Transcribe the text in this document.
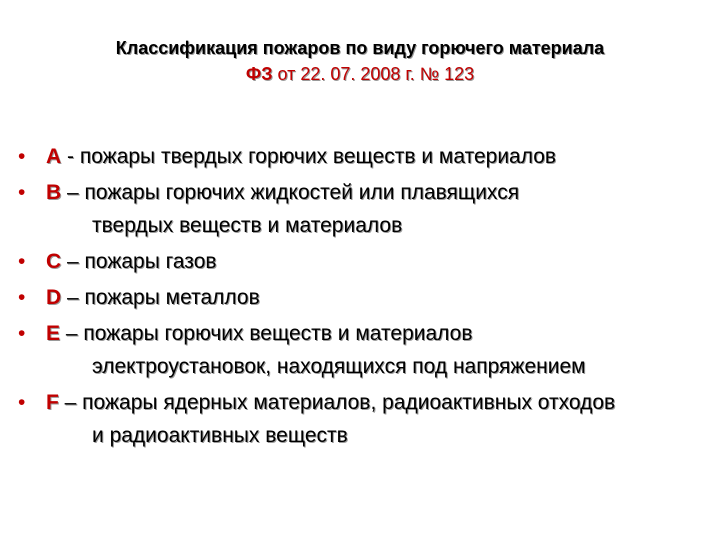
Классификация пожаров по виду горючего материала
ФЗ от 22. 07. 2008 г. № 123
• А - пожары твердых горючих веществ и материалов
• В – пожары горючих жидкостей или плавящихся
твердых веществ и материалов
• С – пожары газов
• D – пожары металлов
• Е – пожары горючих веществ и материалов
электроустановок, находящихся под напряжением
• F – пожары ядерных материалов, радиоактивных отходов
и радиоактивных веществ
